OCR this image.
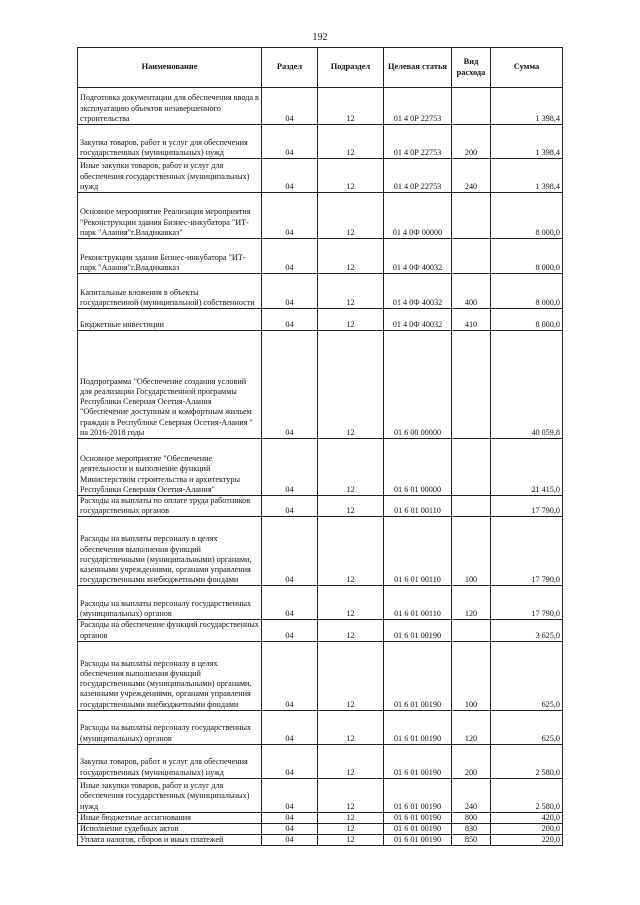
192
Наименование	Раздел	Подраздел	Целевая статья	Вид расхода	Сумма
Подготовка документации для обеспечения ввода в эксплуатацию объектов незавершенного строительства	04	12	01 4 0Р 22753		1 398,4
Закупка товаров, работ и услуг для обеспечения государственных (муниципальных) нужд	04	12	01 4 0Р 22753	200	1 398,4
Иные закупки товаров, работ и услуг для обеспечения государственных (муниципальных) нужд	04	12	01 4 0Р 22753	240	1 398,4
Основное мероприятие Реализация мероприятия "Реконструкции здания Бизнес-инкубатора "ИТ-парк "Алания"г.Владикавказ"	04	12	01 4 0Ф 00000		8 000,0
Реконструкции здания Бизнес-инкубатора "ИТ-парк "Алания"г.Владикавказ	04	12	01 4 0Ф 40032		8 000,0
Капитальные вложения в объекты государственной (муниципальной) собственности	04	12	01 4 0Ф 40032	400	8 000,0
Бюджетные инвестиции	04	12	01 4 0Ф 40032	410	8 000,0
Подпрограмма "Обеспечение создания условий для реализации Государственной программы Республики Северная Осетия-Алания "Обеспечение доступным и комфортным жильем граждан в Республике Северная Осетия-Алания " на 2016-2018 годы	04	12	01 6 00 00000		40 059,8
Основное мероприятие "Обеспечение деятельности и выполнение функций Министерством строительства и архитектуры Республики Северная Осетия-Алания"	04	12	01 6 01 00000		21 415,0
Расходы на выплаты по оплате труда работников государственных органов	04	12	01 6 01 00110		17 790,0
Расходы на выплаты персоналу в целях обеспечения выполнения функций государственными (муниципальными) органами, казенными учреждениями, органами управления государственными внебюджетными фондами	04	12	01 6 01 00110	100	17 790,0
Расходы на выплаты персоналу государственных (муниципальных) органов	04	12	01 6 01 00110	120	17 790,0
Расходы на обеспечение функций государственных органов	04	12	01 6 01 00190		3 625,0
Расходы на выплаты персоналу в целях обеспечения выполнения функций государственными (муниципальными) органами, казенными учреждениями, органами управления государственными внебюджетными фондами	04	12	01 6 01 00190	100	625,0
Расходы на выплаты персоналу государственных (муниципальных) органов	04	12	01 6 01 00190	120	625,0
Закупка товаров, работ и услуг для обеспечения государственных (муниципальных) нужд	04	12	01 6 01 00190	200	2 580,0
Иные закупки товаров, работ и услуг для обеспечения государственных (муниципальных) нужд	04	12	01 6 01 00190	240	2 580,0
Иные бюджетные ассигнования	04	12	01 6 01 00190	800	420,0
Исполнение судебных актов	04	12	01 6 01 00190	830	200,0
Уплата налогов, сборов и иных платежей	04	12	01 6 01 00190	850	220,0
